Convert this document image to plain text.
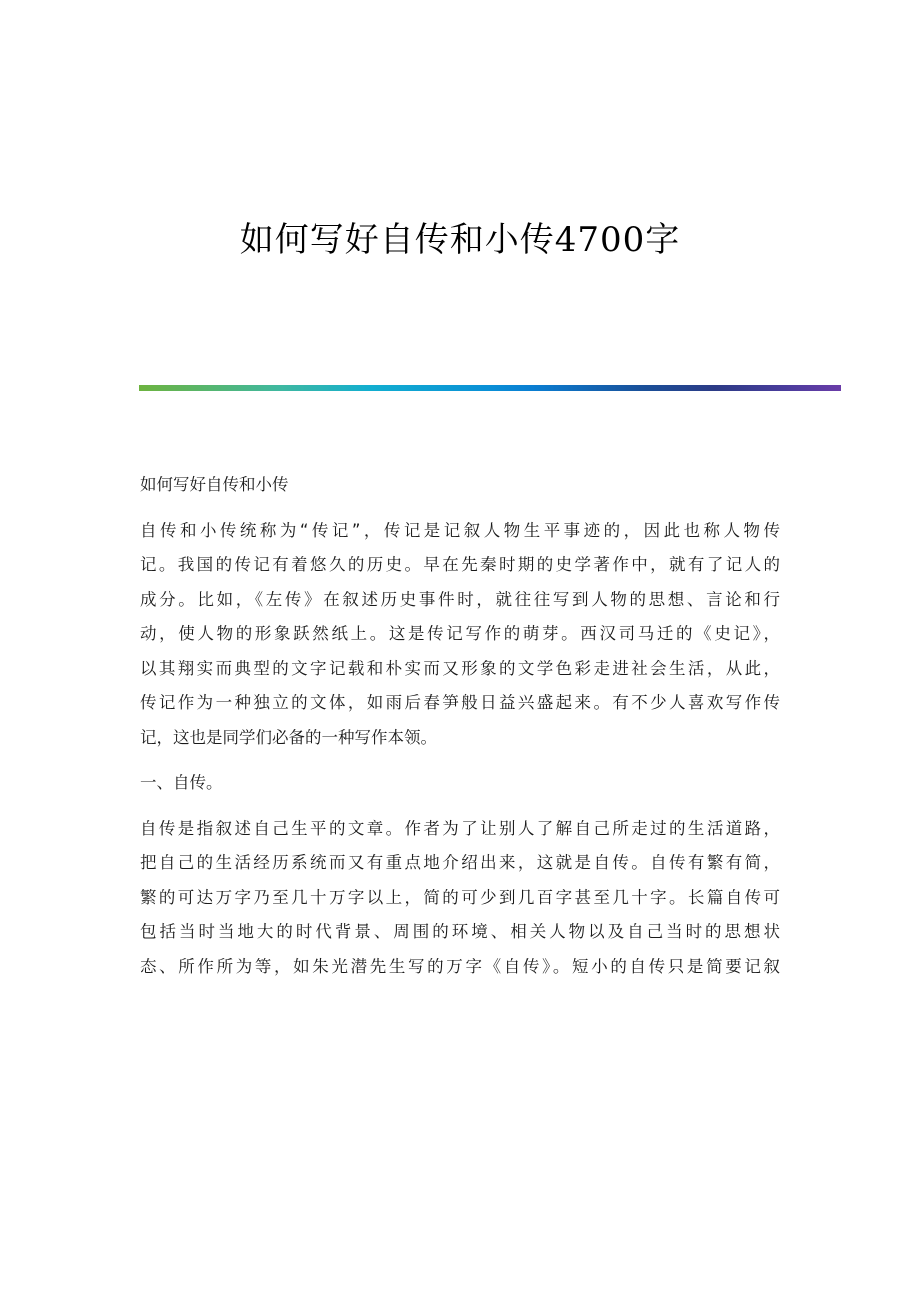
如何写好自传和小传4700字

如何写好自传和小传

自传和小传统称为“传记”，传记是记叙人物生平事迹的，因此也称人物传
记。我国的传记有着悠久的历史。早在先秦时期的史学著作中，就有了记人的
成分。比如，《左传》在叙述历史事件时，就往往写到人物的思想、言论和行
动，使人物的形象跃然纸上。这是传记写作的萌芽。西汉司马迁的《史记》，
以其翔实而典型的文字记载和朴实而又形象的文学色彩走进社会生活，从此，
传记作为一种独立的文体，如雨后春笋般日益兴盛起来。有不少人喜欢写作传
记，这也是同学们必备的一种写作本领。

一、自传。

自传是指叙述自己生平的文章。作者为了让别人了解自己所走过的生活道路，
把自己的生活经历系统而又有重点地介绍出来，这就是自传。自传有繁有简，
繁的可达万字乃至几十万字以上，简的可少到几百字甚至几十字。长篇自传可
包括当时当地大的时代背景、周围的环境、相关人物以及自己当时的思想状
态、所作所为等，如朱光潜先生写的万字《自传》。短小的自传只是简要记叙
